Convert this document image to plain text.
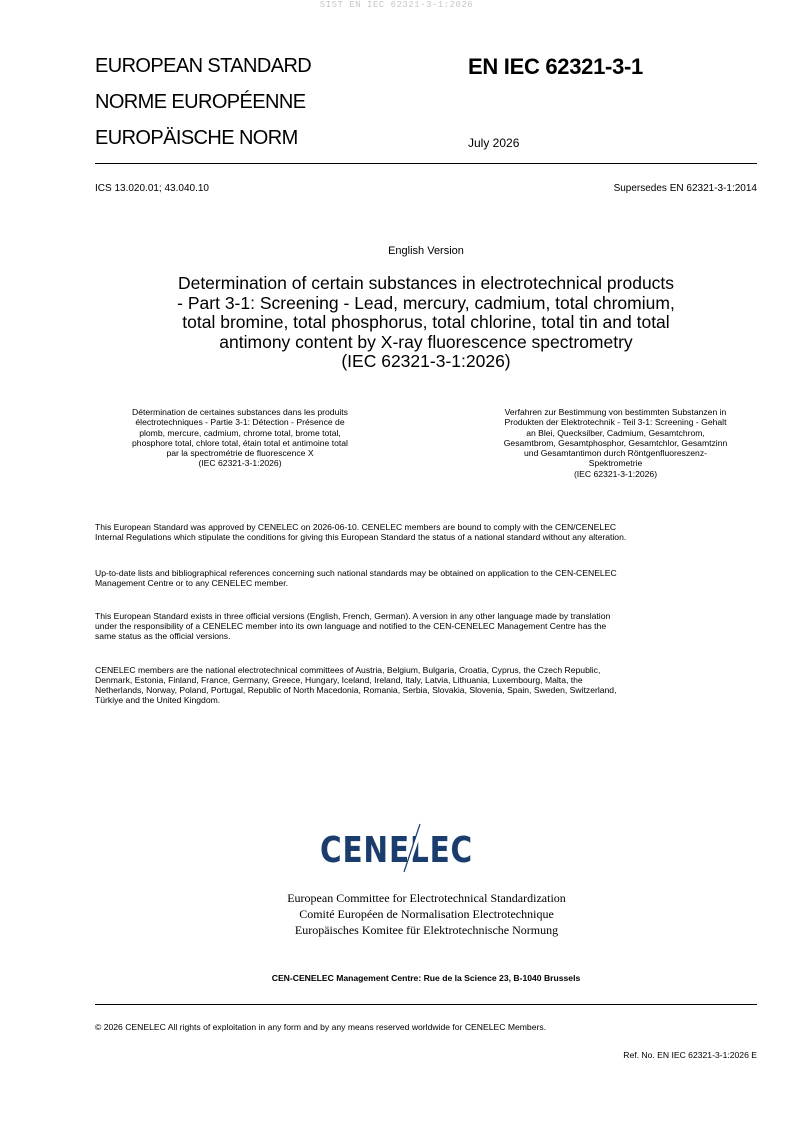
SIST EN IEC 62321-3-1:2026
EUROPEAN STANDARD
NORME EUROPÉENNE
EUROPÄISCHE NORM
EN IEC 62321-3-1
July 2026
ICS 13.020.01; 43.040.10	Supersedes EN 62321-3-1:2014
English Version
Determination of certain substances in electrotechnical products
- Part 3-1: Screening - Lead, mercury, cadmium, total chromium,
total bromine, total phosphorus, total chlorine, total tin and total
antimony content by X-ray fluorescence spectrometry
(IEC 62321-3-1:2026)
Détermination de certaines substances dans les produits
électrotechniques - Partie 3-1: Détection - Présence de
plomb, mercure, cadmium, chrome total, brome total,
phosphore total, chlore total, étain total et antimoine total
par la spectrométrie de fluorescence X
(IEC 62321-3-1:2026)
Verfahren zur Bestimmung von bestimmten Substanzen in
Produkten der Elektrotechnik - Teil 3-1: Screening - Gehalt
an Blei, Quecksilber, Cadmium, Gesamtchrom,
Gesamtbrom, Gesamtphosphor, Gesamtchlor, Gesamtzinn
und Gesamtantimon durch Röntgenfluoreszenz-
Spektrometrie
(IEC 62321-3-1:2026)
This European Standard was approved by CENELEC on 2026-06-10. CENELEC members are bound to comply with the CEN/CENELEC
Internal Regulations which stipulate the conditions for giving this European Standard the status of a national standard without any alteration.
Up-to-date lists and bibliographical references concerning such national standards may be obtained on application to the CEN-CENELEC
Management Centre or to any CENELEC member.
This European Standard exists in three official versions (English, French, German). A version in any other language made by translation
under the responsibility of a CENELEC member into its own language and notified to the CEN-CENELEC Management Centre has the
same status as the official versions.
CENELEC members are the national electrotechnical committees of Austria, Belgium, Bulgaria, Croatia, Cyprus, the Czech Republic,
Denmark, Estonia, Finland, France, Germany, Greece, Hungary, Iceland, Ireland, Italy, Latvia, Lithuania, Luxembourg, Malta, the
Netherlands, Norway, Poland, Portugal, Republic of North Macedonia, Romania, Serbia, Slovakia, Slovenia, Spain, Sweden, Switzerland,
Türkiye and the United Kingdom.
CENELEC
European Committee for Electrotechnical Standardization
Comité Européen de Normalisation Electrotechnique
Europäisches Komitee für Elektrotechnische Normung
CEN-CENELEC Management Centre: Rue de la Science 23, B-1040 Brussels
© 2026 CENELEC All rights of exploitation in any form and by any means reserved worldwide for CENELEC Members.
Ref. No. EN IEC 62321-3-1:2026 E
